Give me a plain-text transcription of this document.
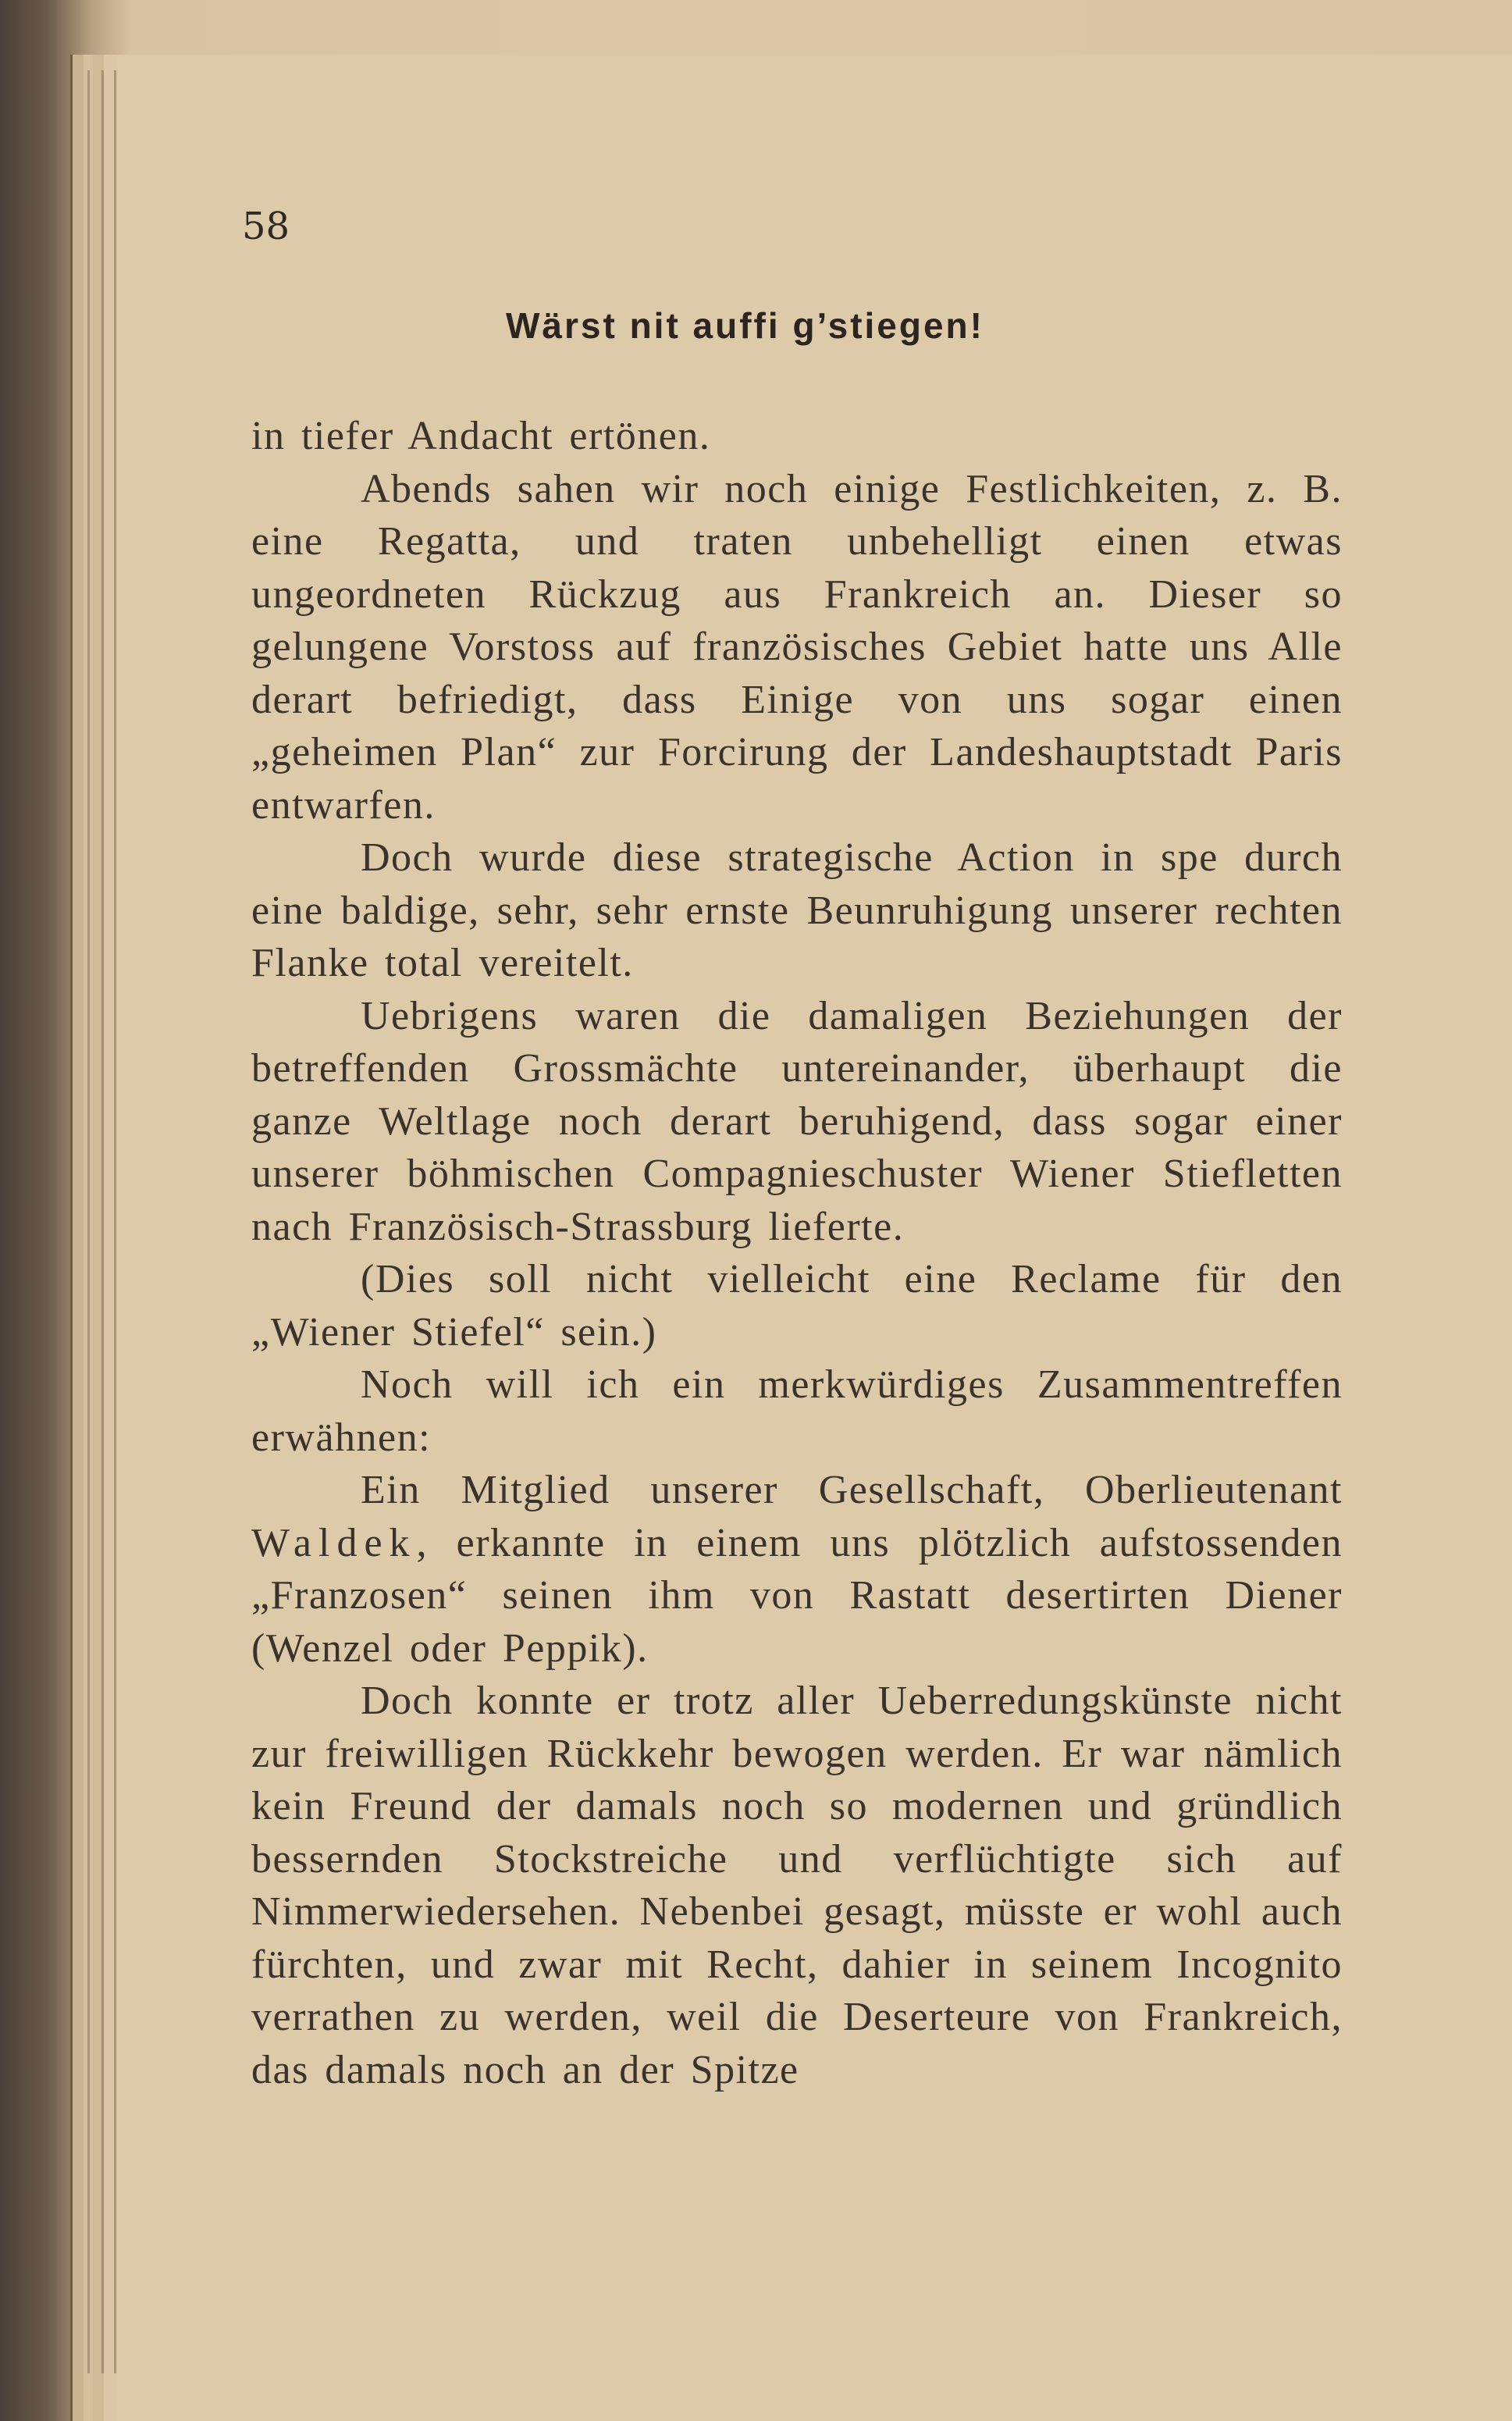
58

Wärst nit auffi g’stiegen!

in tiefer Andacht ertönen.

Abends sahen wir noch einige Festlichkeiten, z. B. eine Regatta, und traten unbehelligt einen etwas ungeordneten Rückzug aus Frankreich an. Dieser so gelungene Vorstoss auf französisches Gebiet hatte uns Alle derart befriedigt, dass Einige von uns sogar einen „geheimen Plan“ zur Forcirung der Landeshauptstadt Paris entwarfen.

Doch wurde diese strategische Action in spe durch eine baldige, sehr, sehr ernste Beunruhigung unserer rechten Flanke total vereitelt.

Uebrigens waren die damaligen Beziehungen der betreffenden Grossmächte untereinander, überhaupt die ganze Weltlage noch derart beruhigend, dass sogar einer unserer böhmischen Compagnieschuster Wiener Stiefletten nach Französisch-Strassburg lieferte.

(Dies soll nicht vielleicht eine Reclame für den „Wiener Stiefel“ sein.)

Noch will ich ein merkwürdiges Zusammentreffen erwähnen:

Ein Mitglied unserer Gesellschaft, Oberlieutenant Waldek, erkannte in einem uns plötzlich aufstossenden „Franzosen“ seinen ihm von Rastatt desertirten Diener (Wenzel oder Peppik).

Doch konnte er trotz aller Ueberredungskünste nicht zur freiwilligen Rückkehr bewogen werden. Er war nämlich kein Freund der damals noch so modernen und gründlich bessernden Stockstreiche und verflüchtigte sich auf Nimmerwiedersehen. Nebenbei gesagt, müsste er wohl auch fürchten, und zwar mit Recht, dahier in seinem Incognito verrathen zu werden, weil die Deserteure von Frankreich, das damals noch an der Spitze
